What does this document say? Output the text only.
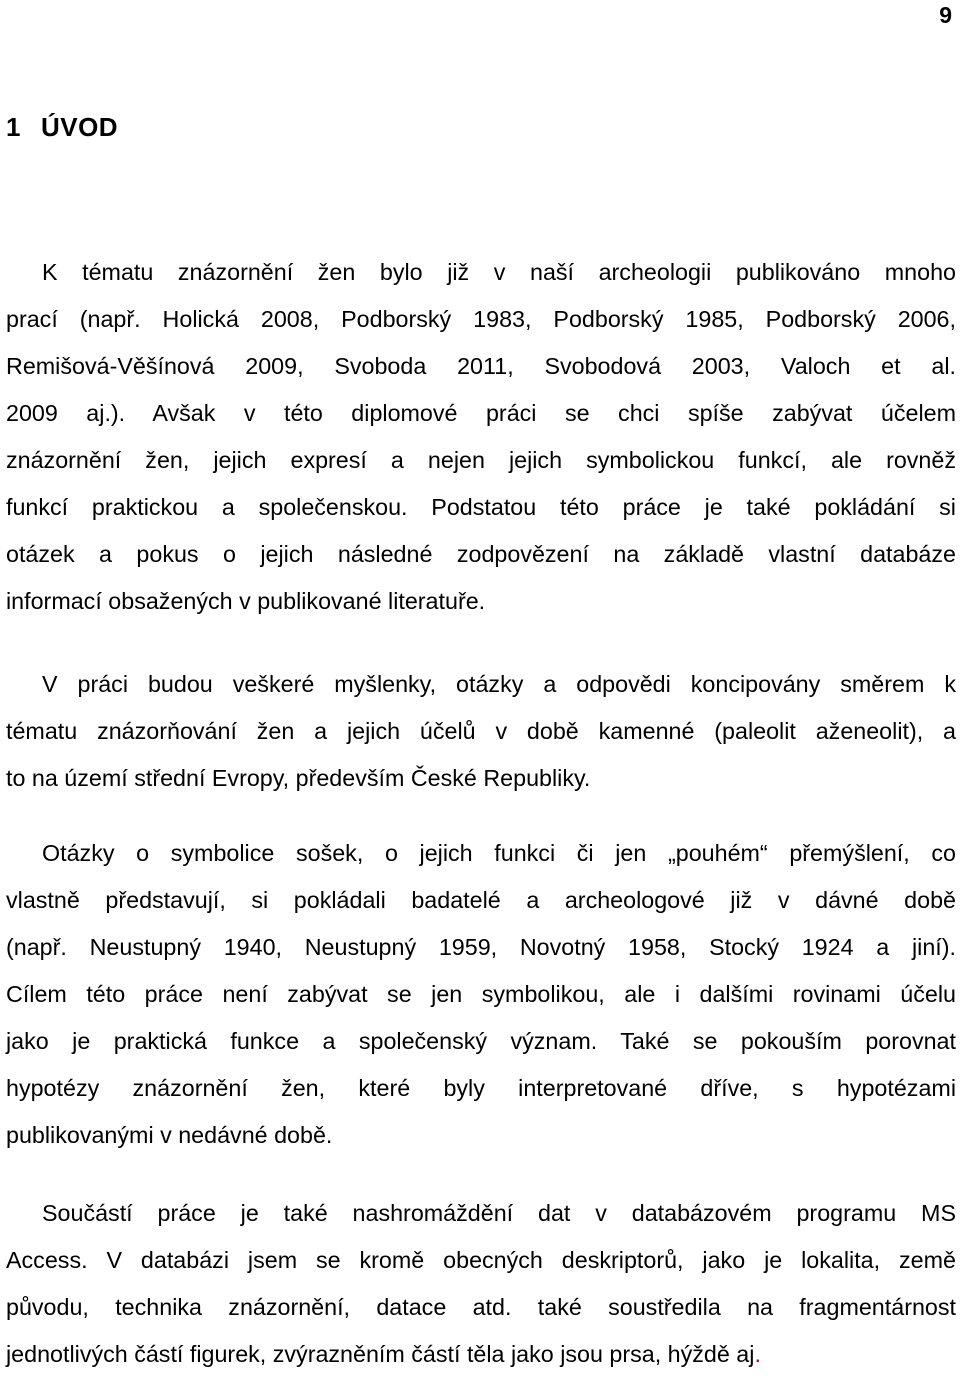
9
1 ÚVOD
K tématu znázornění žen bylo již v naší archeologii publikováno mnoho
prací (např. Holická 2008, Podborský 1983, Podborský 1985, Podborský 2006,
Remišová-Věšínová 2009, Svoboda 2011, Svobodová 2003, Valoch et al.
2009 aj.). Avšak v této diplomové práci se chci spíše zabývat účelem
znázornění žen, jejich expresí a nejen jejich symbolickou funkcí, ale rovněž
funkcí praktickou a společenskou. Podstatou této práce je také pokládání si
otázek a pokus o jejich následné zodpovězení na základě vlastní databáze
informací obsažených v publikované literatuře.
V práci budou veškeré myšlenky, otázky a odpovědi koncipovány směrem k
tématu znázorňování žen a jejich účelů v době kamenné (paleolit aženeolit), a
to na území střední Evropy, především České Republiky.
Otázky o symbolice sošek, o jejich funkci či jen „pouhém“ přemýšlení, co
vlastně představují, si pokládali badatelé a archeologové již v dávné době
(např. Neustupný 1940, Neustupný 1959, Novotný 1958, Stocký 1924 a jiní).
Cílem této práce není zabývat se jen symbolikou, ale i dalšími rovinami účelu
jako je praktická funkce a společenský význam. Také se pokouším porovnat
hypotézy znázornění žen, které byly interpretované dříve, s hypotézami
publikovanými v nedávné době.
Součástí práce je také nashromáždění dat v databázovém programu MS
Access. V databázi jsem se kromě obecných deskriptorů, jako je lokalita, země
původu, technika znázornění, datace atd. také soustředila na fragmentárnost
jednotlivých částí figurek, zvýrazněním částí těla jako jsou prsa, hýždě aj.
